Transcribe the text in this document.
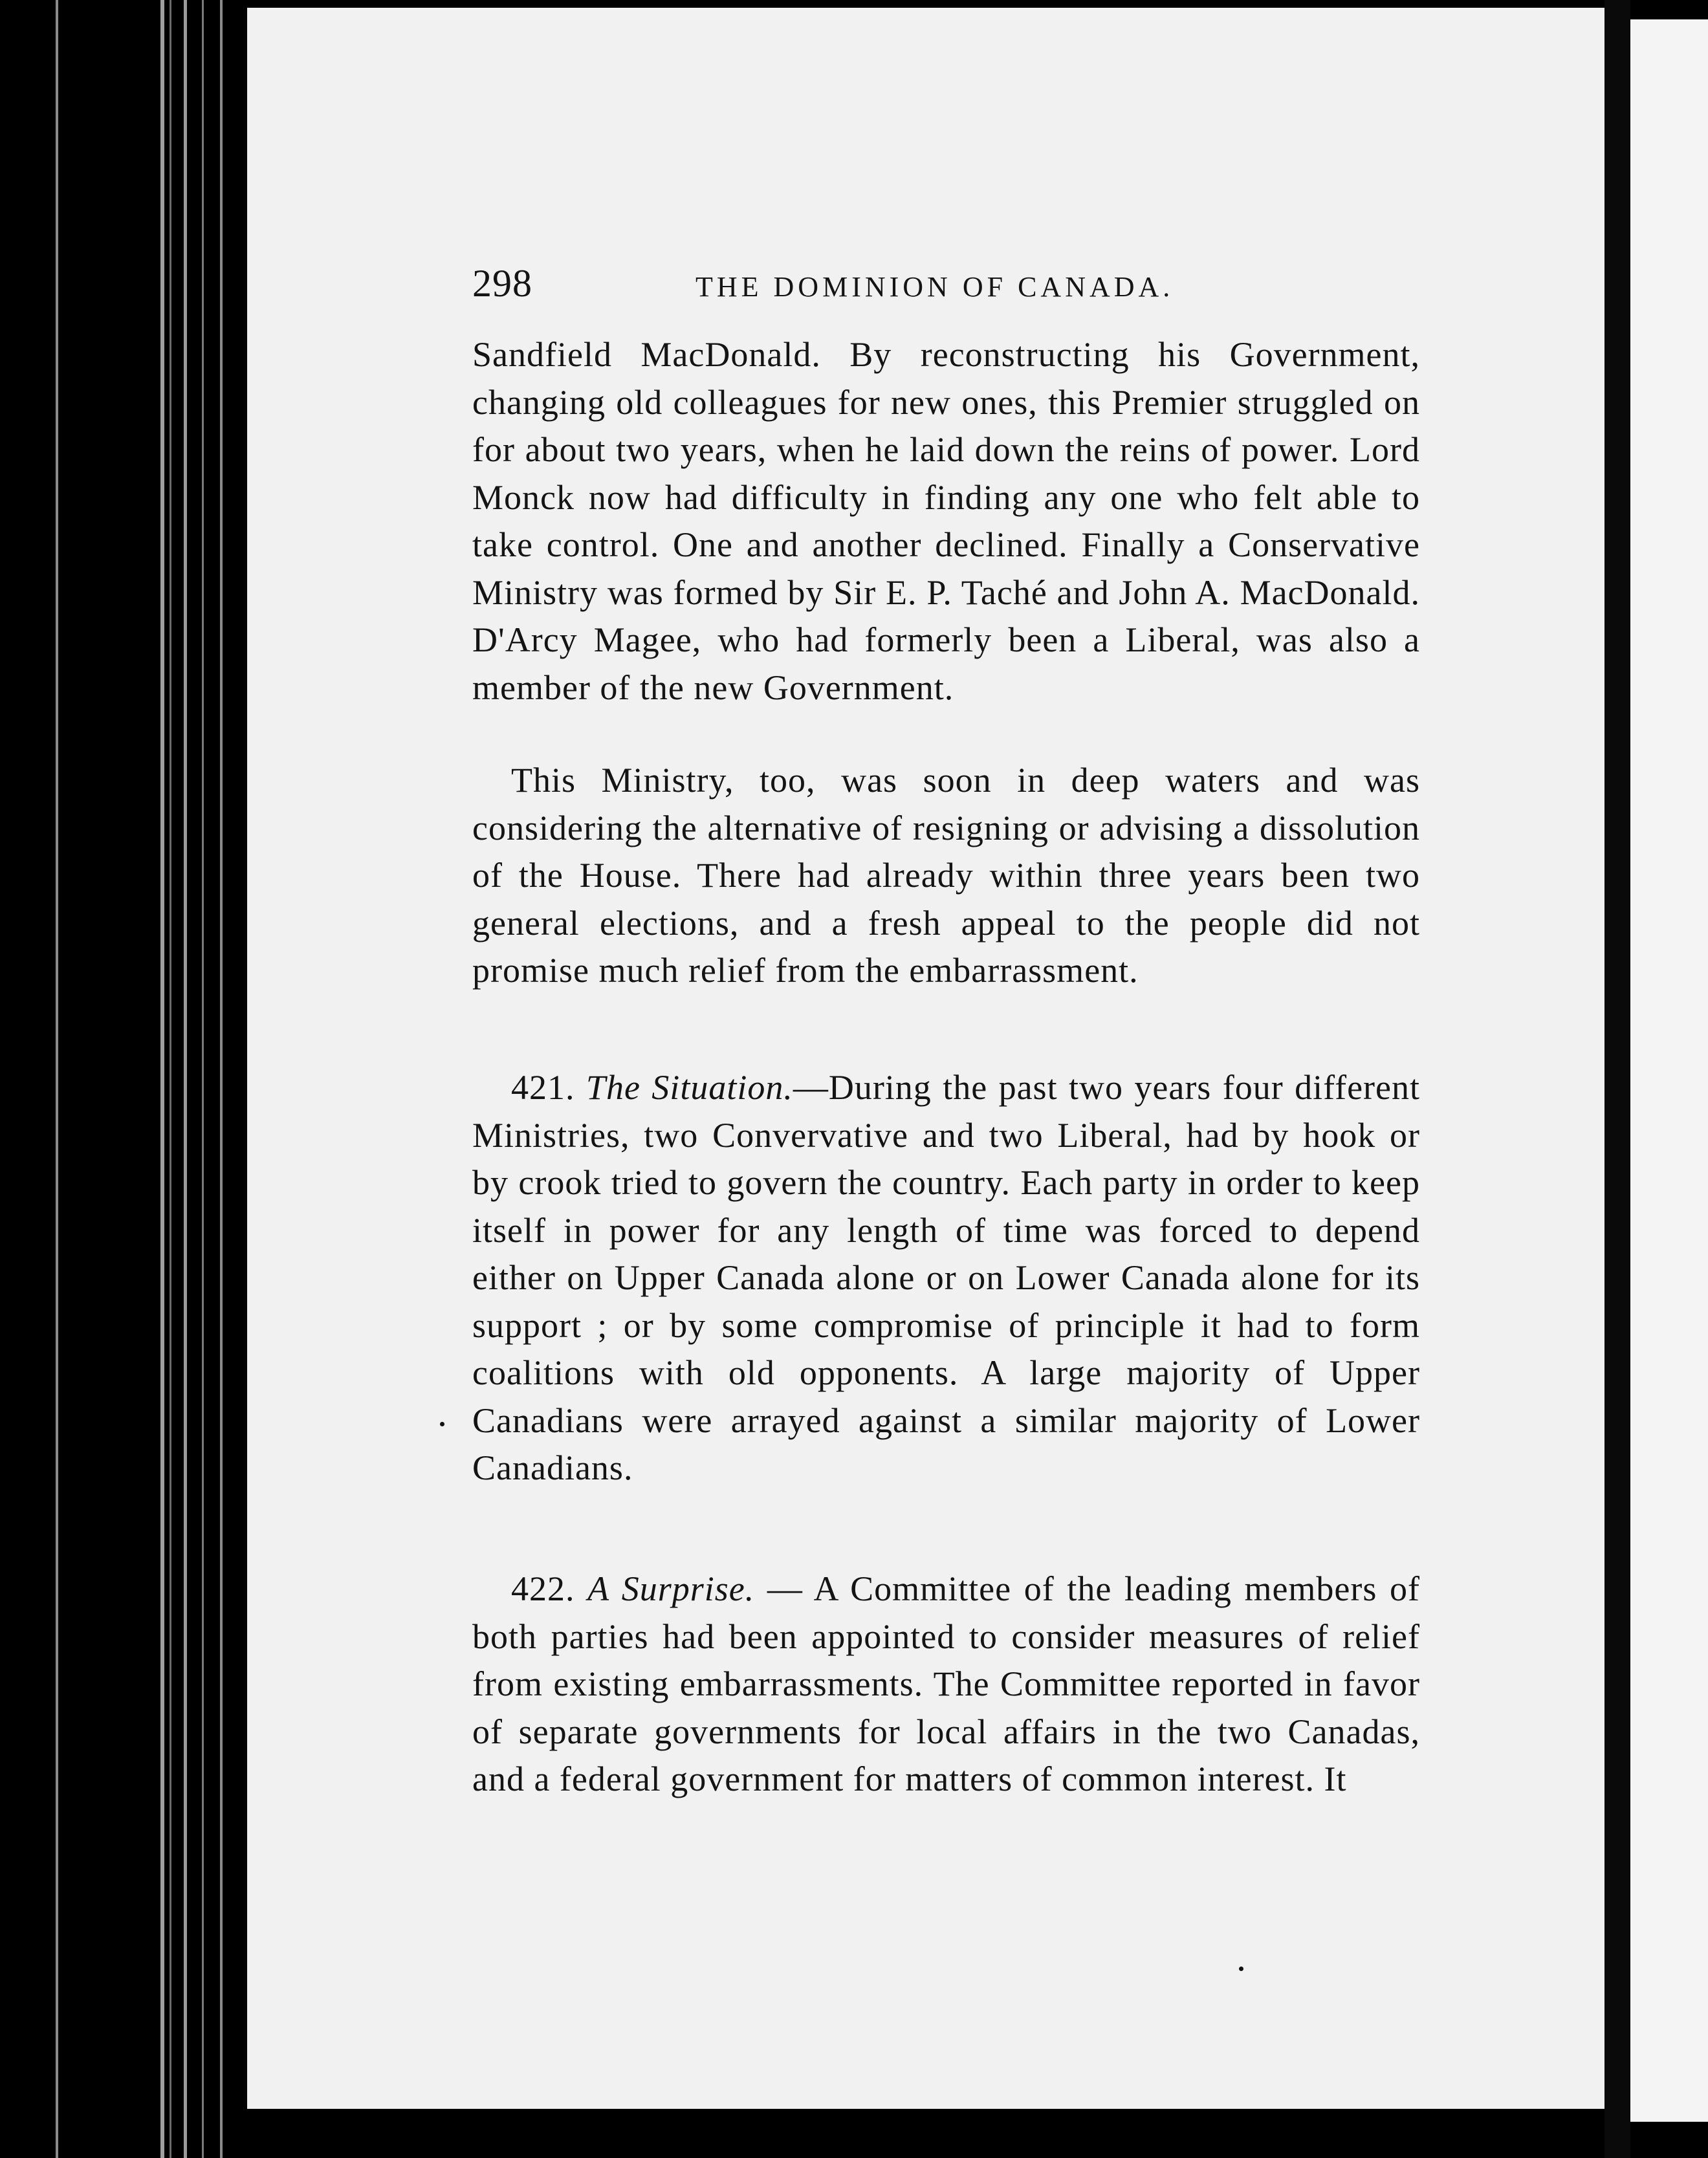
298	THE DOMINION OF CANADA.

Sandfield MacDonald. By reconstructing his Government, changing old colleagues for new ones, this Premier struggled on for about two years, when he laid down the reins of power. Lord Monck now had difficulty in finding any one who felt able to take control. One and another declined. Finally a Conservative Ministry was formed by Sir E. P. Taché and John A. MacDonald. D'Arcy Magee, who had formerly been a Liberal, was also a member of the new Government.

This Ministry, too, was soon in deep waters and was considering the alternative of resigning or advising a dissolution of the House. There had already within three years been two general elections, and a fresh appeal to the people did not promise much relief from the embarrassment.

421. The Situation.—During the past two years four different Ministries, two Convervative and two Liberal, had by hook or by crook tried to govern the country. Each party in order to keep itself in power for any length of time was forced to depend either on Upper Canada alone or on Lower Canada alone for its support ; or by some compromise of principle it had to form coalitions with old opponents. A large majority of Upper Canadians were arrayed against a similar majority of Lower Canadians.

422. A Surprise. — A Committee of the leading members of both parties had been appointed to consider measures of relief from existing embarrassments. The Committee reported in favor of separate governments for local affairs in the two Canadas, and a federal government for matters of common interest. It
